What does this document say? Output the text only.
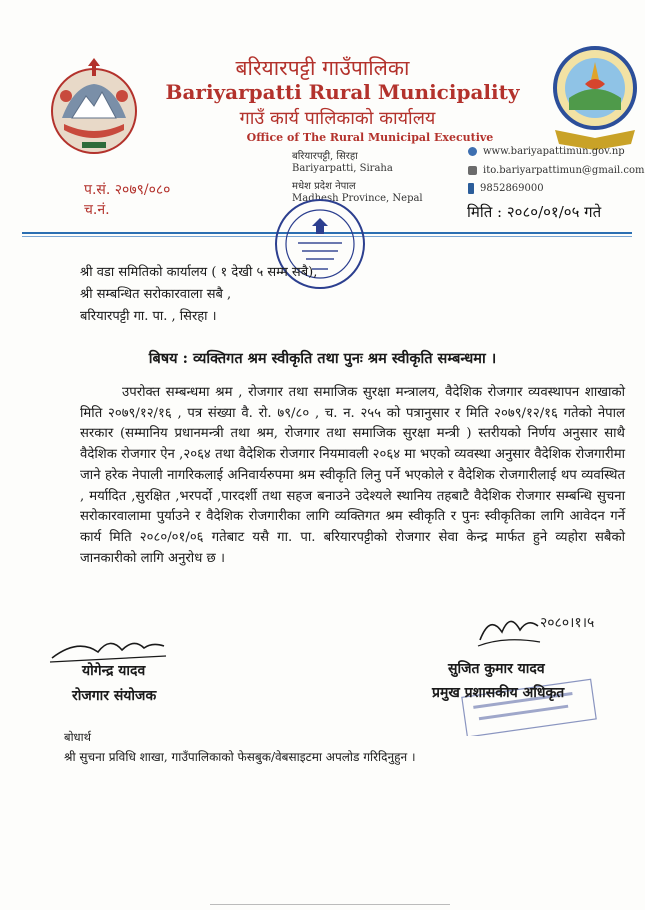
बरियारपट्टी गाउँपालिका
Bariyarpatti Rural Municipality
गाउँ कार्य पालिकाको कार्यालय
Office of The Rural Municipal Executive
बरियारपट्टी, सिरहा
Bariyarpatti, Siraha
मधेश प्रदेश नेपाल
Madhesh Province, Nepal
www.bariyapattimun.gov.np
ito.bariyarpattimun@gmail.com
9852869000
प.सं. २०७९/०८०
च.नं.	मिति : २०८०/०१/०५ गते
श्री वडा समितिको कार्यालय ( १ देखी ५ सम्म सबै),
श्री सम्बन्धित सरोकारवाला सबै ,
बरियारपट्टी गा. पा. , सिरहा ।
बिषय : व्यक्तिगत श्रम स्वीकृति तथा पुनः श्रम स्वीकृति सम्बन्धमा ।
उपरोक्त सम्बन्धमा श्रम , रोजगार तथा समाजिक सुरक्षा मन्त्रालय, वैदेशिक रोजगार व्यवस्थापन शाखाको मिति २०७९/१२/१६ , पत्र संख्या वै. रो. ७९/८० , च. न. २५५ को पत्रानुसार र मिति २०७९/१२/१६ गतेको नेपाल सरकार (सम्मानिय प्रधानमन्त्री तथा श्रम, रोजगार तथा समाजिक सुरक्षा मन्त्री ) स्तरीयको निर्णय अनुसार साथै वैदेशिक रोजगार ऐन ,२०६४ तथा वैदेशिक रोजगार नियमावली २०६४ मा भएको व्यवस्था अनुसार वैदेशिक रोजगारीमा जाने हरेक नेपाली नागरिकलाई अनिवार्यरुपमा श्रम स्वीकृति लिनु पर्ने भएकोले र वैदेशिक रोजगारीलाई थप व्यवस्थित , मर्यादित ,सुरक्षित ,भरपर्दो ,पारदर्शी तथा सहज बनाउने उदेश्यले स्थानिय तहबाटै वैदेशिक रोजगार सम्बन्धि सुचना सरोकारवालामा पुर्याउने र वैदेशिक रोजगारीका लागि व्यक्तिगत श्रम स्वीकृति र पुनः स्वीकृतिका लागि आवेदन गर्ने कार्य मिति २०८०/०१/०६ गतेबाट यसै गा. पा. बरियारपट्टीको रोजगार सेवा केन्द्र मार्फत हुने व्यहोरा सबैको जानकारीको लागि अनुरोध छ ।
योगेन्द्र यादव
रोजगार संयोजक
२०८०।१।५
सुजित कुमार यादव
प्रमुख प्रशासकीय अधिकृत
बोधार्थ
श्री सुचना प्रविधि शाखा, गाउँपालिकाको फेसबुक/वेबसाइटमा अपलोड गरिदिनुहुन ।
